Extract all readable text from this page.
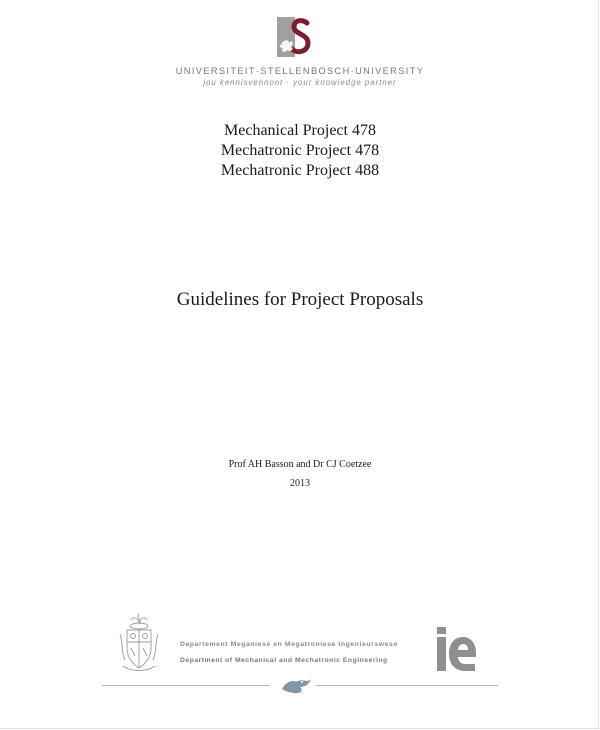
UNIVERSITEIT·STELLENBOSCH·UNIVERSITY
jou kennisvennoot · your knowledge partner
Mechanical Project 478
Mechatronic Project 478
Mechatronic Project 488
Guidelines for Project Proposals
Prof AH Basson and Dr CJ Coetzee
2013
Departement Meganiese en Megatroniese Ingenieurswese
Department of Mechanical and Mechatronic Engineering
